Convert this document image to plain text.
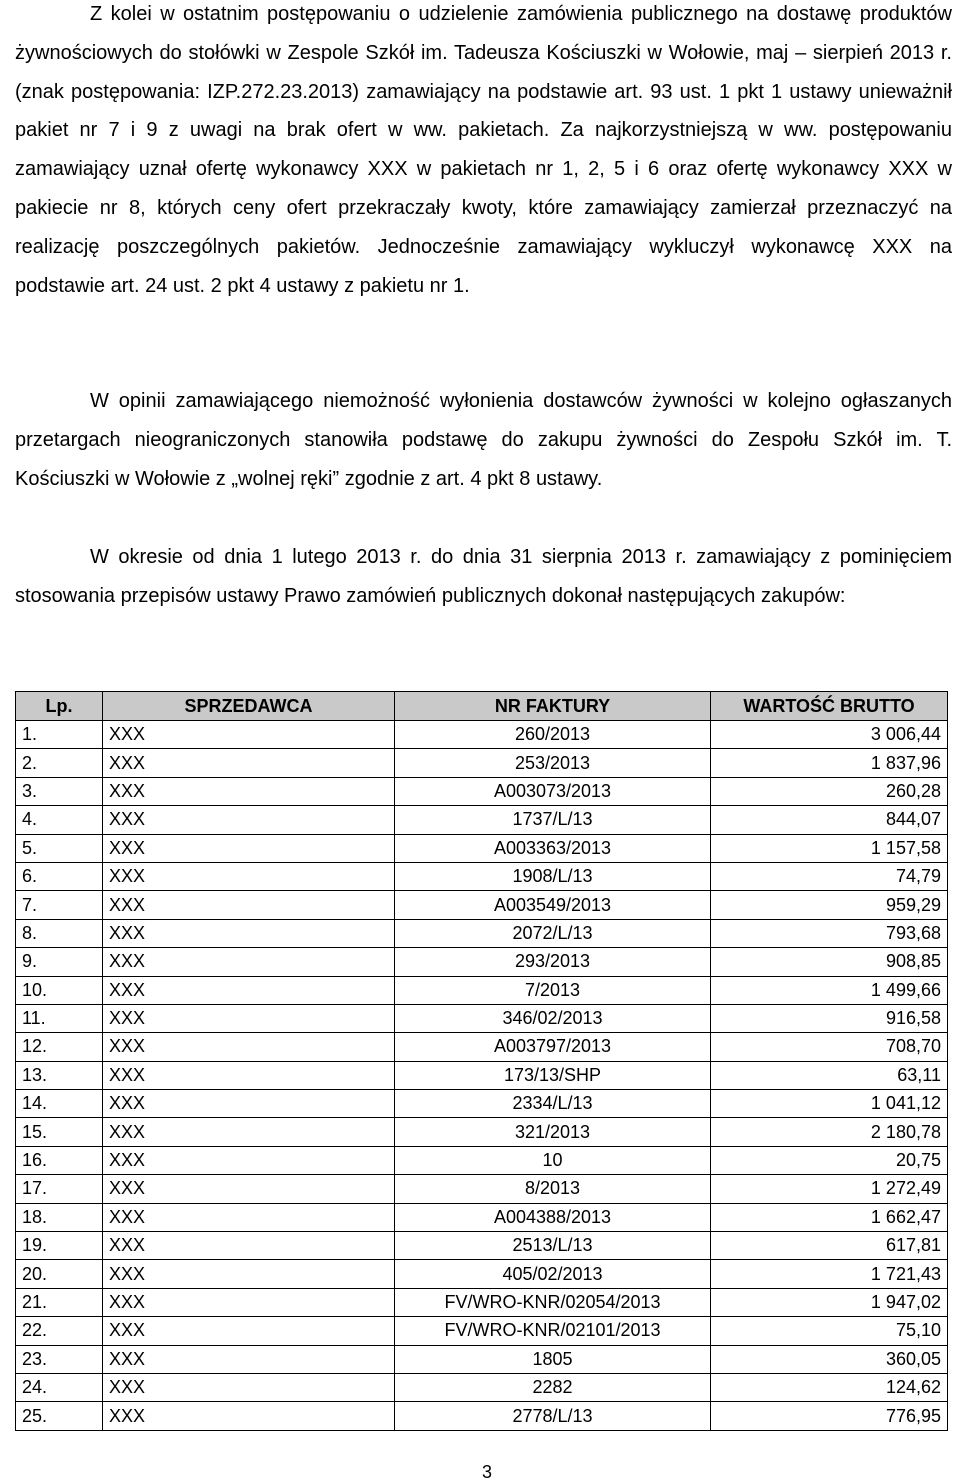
Z kolei w ostatnim postępowaniu o udzielenie zamówienia publicznego na dostawę produktów żywnościowych do stołówki w Zespole Szkół im. Tadeusza Kościuszki w Wołowie, maj – sierpień 2013 r. (znak postępowania: IZP.272.23.2013) zamawiający na podstawie art. 93 ust. 1 pkt 1 ustawy unieważnił pakiet nr 7 i 9 z uwagi na brak ofert w ww. pakietach. Za najkorzystniejszą w ww. postępowaniu zamawiający uznał ofertę wykonawcy XXX w pakietach nr 1, 2, 5 i 6 oraz ofertę wykonawcy XXX w pakiecie nr 8, których ceny ofert przekraczały kwoty, które zamawiający zamierzał przeznaczyć na realizację poszczególnych pakietów. Jednocześnie zamawiający wykluczył wykonawcę XXX na podstawie art. 24 ust. 2 pkt 4 ustawy z pakietu nr 1.

W opinii zamawiającego niemożność wyłonienia dostawców żywności w kolejno ogłaszanych przetargach nieograniczonych stanowiła podstawę do zakupu żywności do Zespołu Szkół im. T. Kościuszki w Wołowie z „wolnej ręki” zgodnie z art. 4 pkt 8 ustawy.

W okresie od dnia 1 lutego 2013 r. do dnia 31 sierpnia 2013 r. zamawiający z pominięciem stosowania przepisów ustawy Prawo zamówień publicznych dokonał następujących zakupów:

Lp.	SPRZEDAWCA	NR FAKTURY	WARTOŚĆ BRUTTO
1.	XXX	260/2013	3 006,44
2.	XXX	253/2013	1 837,96
3.	XXX	A003073/2013	260,28
4.	XXX	1737/L/13	844,07
5.	XXX	A003363/2013	1 157,58
6.	XXX	1908/L/13	74,79
7.	XXX	A003549/2013	959,29
8.	XXX	2072/L/13	793,68
9.	XXX	293/2013	908,85
10.	XXX	7/2013	1 499,66
11.	XXX	346/02/2013	916,58
12.	XXX	A003797/2013	708,70
13.	XXX	173/13/SHP	63,11
14.	XXX	2334/L/13	1 041,12
15.	XXX	321/2013	2 180,78
16.	XXX	10	20,75
17.	XXX	8/2013	1 272,49
18.	XXX	A004388/2013	1 662,47
19.	XXX	2513/L/13	617,81
20.	XXX	405/02/2013	1 721,43
21.	XXX	FV/WRO-KNR/02054/2013	1 947,02
22.	XXX	FV/WRO-KNR/02101/2013	75,10
23.	XXX	1805	360,05
24.	XXX	2282	124,62
25.	XXX	2778/L/13	776,95
3
